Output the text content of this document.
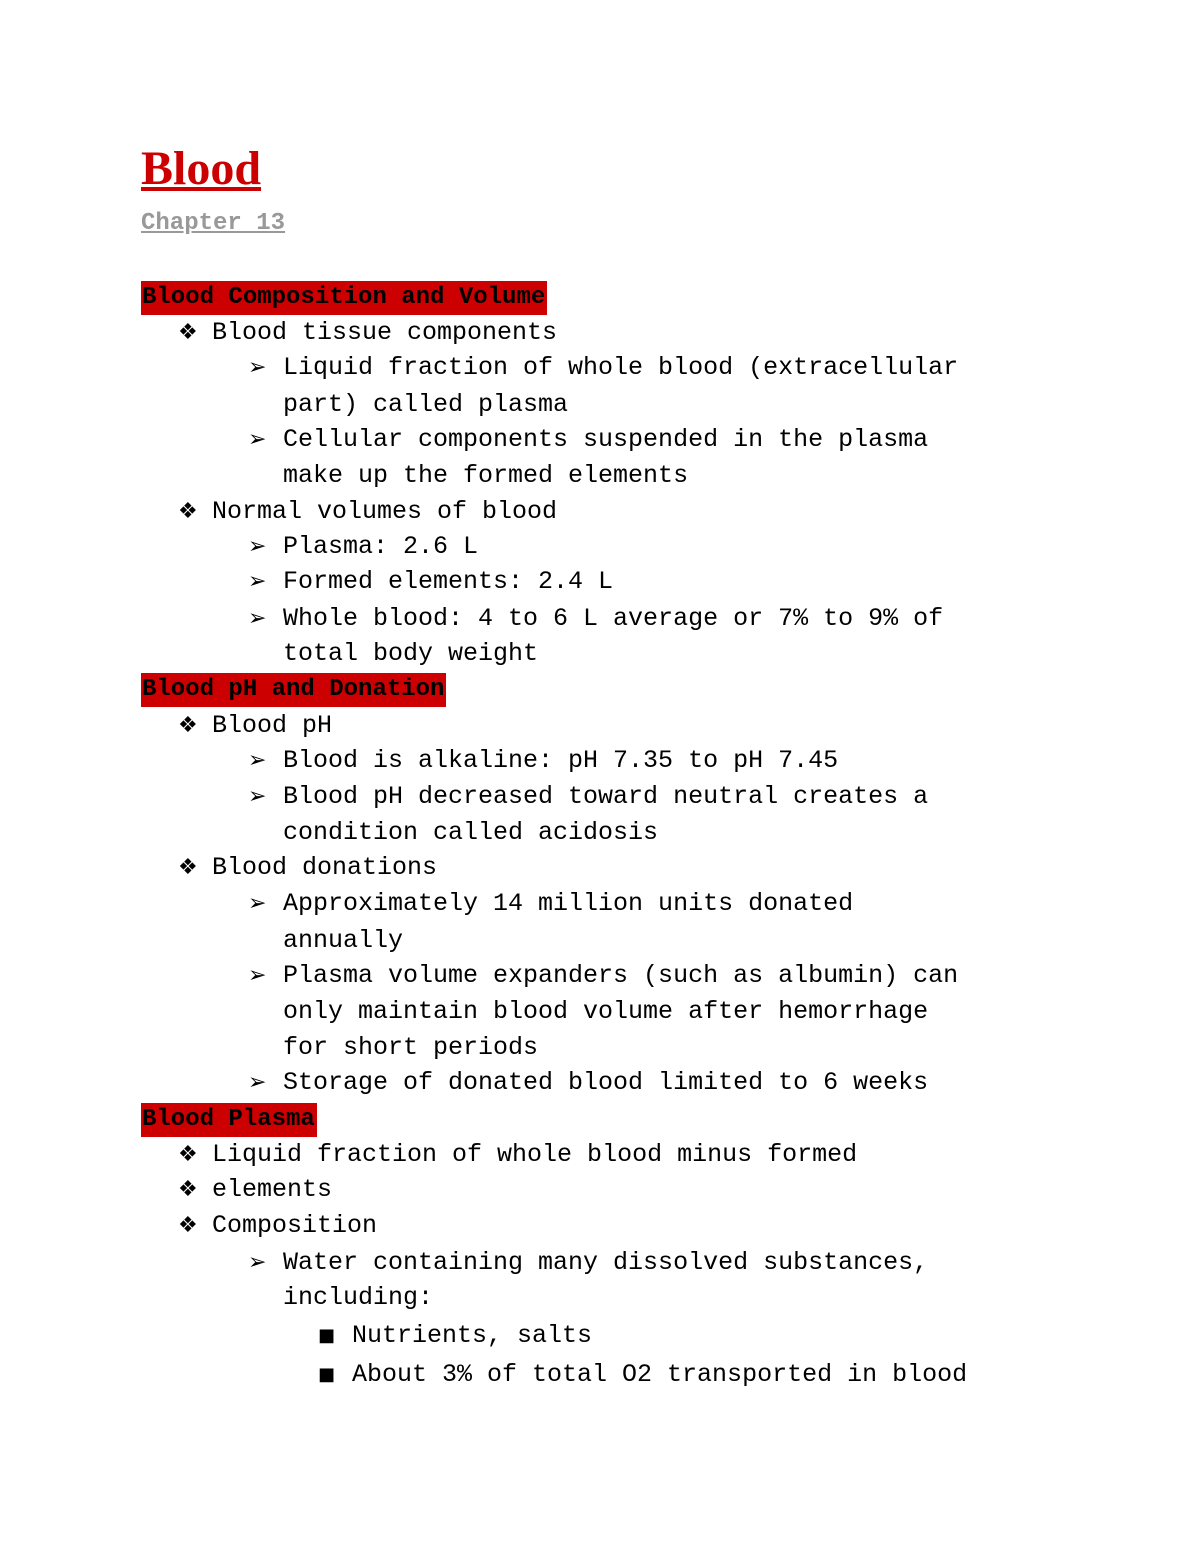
Blood
Chapter 13
Blood Composition and Volume
❖ Blood tissue components
➢ Liquid fraction of whole blood (extracellular
part) called plasma
➢ Cellular components suspended in the plasma
make up the formed elements
❖ Normal volumes of blood
➢ Plasma: 2.6 L
➢ Formed elements: 2.4 L
➢ Whole blood: 4 to 6 L average or 7% to 9% of
total body weight
Blood pH and Donation
❖ Blood pH
➢ Blood is alkaline: pH 7.35 to pH 7.45
➢ Blood pH decreased toward neutral creates a
condition called acidosis
❖ Blood donations
➢ Approximately 14 million units donated
annually
➢ Plasma volume expanders (such as albumin) can
only maintain blood volume after hemorrhage
for short periods
➢ Storage of donated blood limited to 6 weeks
Blood Plasma
❖ Liquid fraction of whole blood minus formed
❖ elements
❖ Composition
➢ Water containing many dissolved substances,
including:
■ Nutrients, salts
■ About 3% of total O2 transported in blood
